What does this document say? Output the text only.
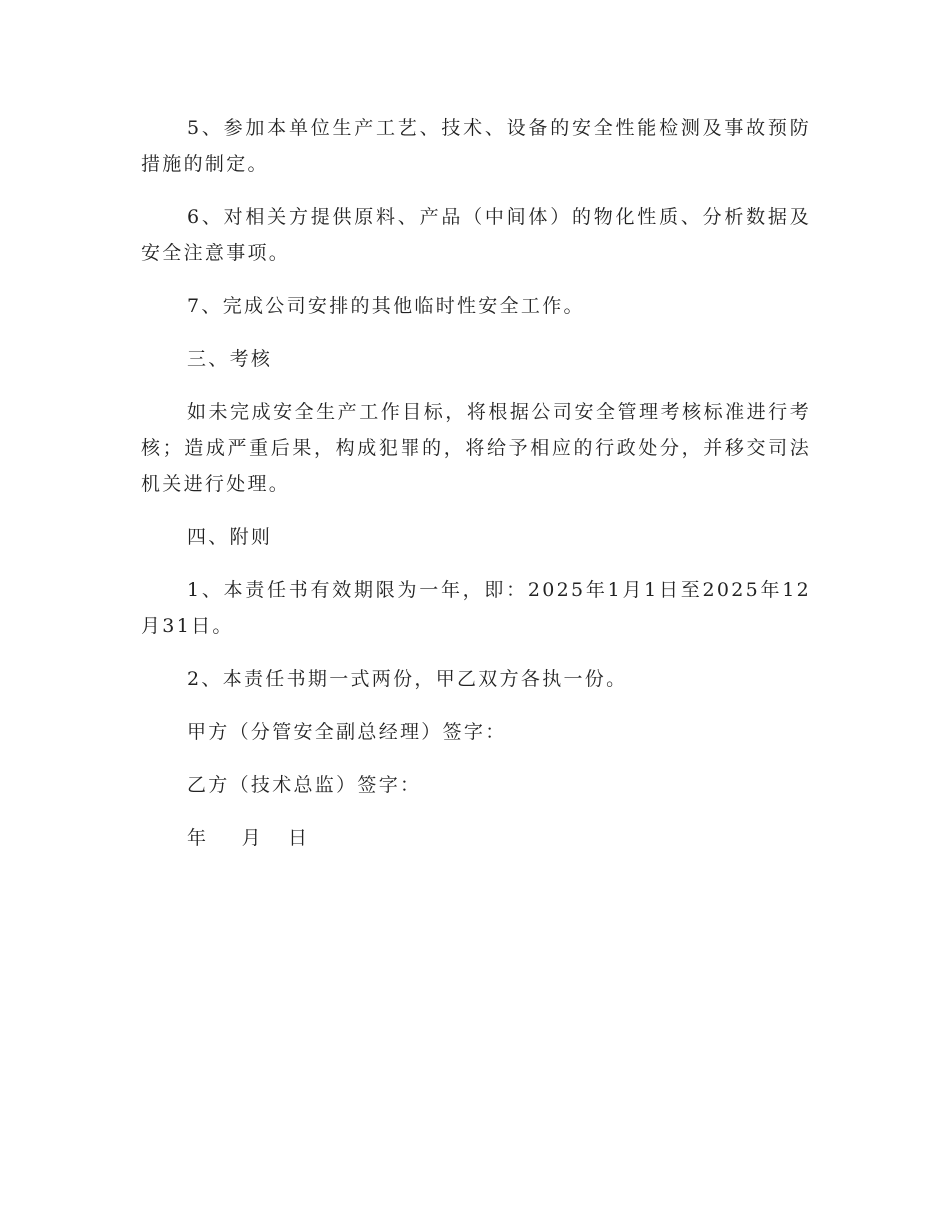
5、参加本单位生产工艺、技术、设备的安全性能检测及事故预防措施的制定。

6、对相关方提供原料、产品（中间体）的物化性质、分析数据及安全注意事项。

7、完成公司安排的其他临时性安全工作。

三、考核

如未完成安全生产工作目标，将根据公司安全管理考核标准进行考核；造成严重后果，构成犯罪的，将给予相应的行政处分，并移交司法机关进行处理。

四、附则

1、本责任书有效期限为一年，即：2025年1月1日至2025年12月31日。

2、本责任书期一式两份，甲乙双方各执一份。

甲方（分管安全副总经理）签字：

乙方（技术总监）签字：

年    月   日
